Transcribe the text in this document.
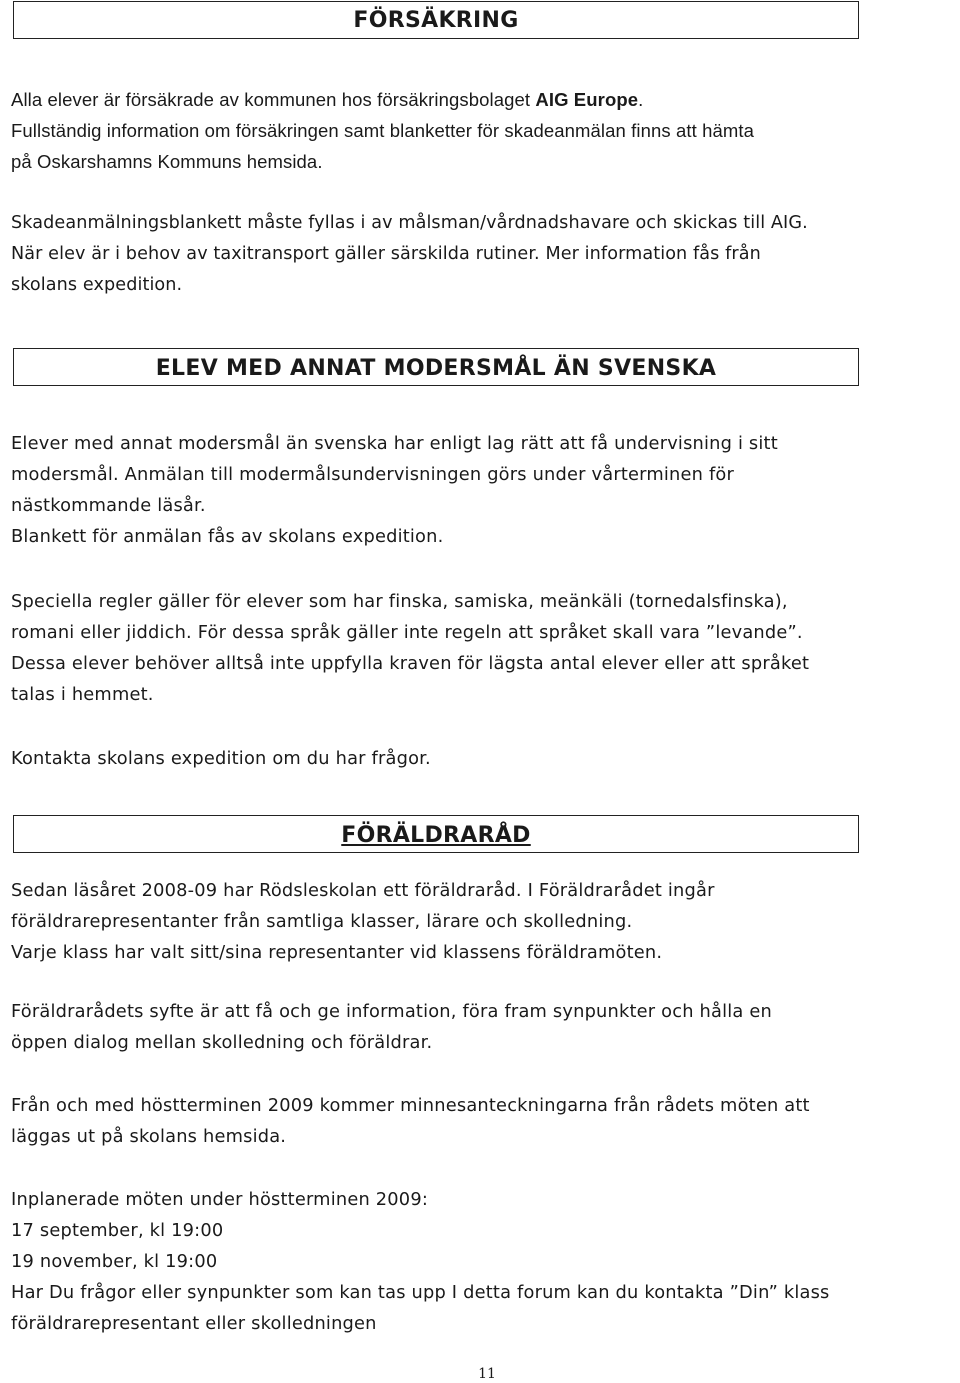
FÖRSÄKRING
Alla elever är försäkrade av kommunen hos försäkringsbolaget AIG Europe.
Fullständig information om försäkringen samt blanketter för skadeanmälan finns att hämta
på Oskarshamns Kommuns hemsida.
Skadeanmälningsblankett måste fyllas i av målsman/vårdnadshavare och skickas till AIG.
När elev är i behov av taxitransport gäller särskilda rutiner. Mer information fås från
skolans expedition.
ELEV MED ANNAT MODERSMÅL ÄN SVENSKA
Elever med annat modersmål än svenska har enligt lag rätt att få undervisning i sitt
modersmål. Anmälan till modermålsundervisningen görs under vårterminen för
nästkommande läsår.
Blankett för anmälan fås av skolans expedition.
Speciella regler gäller för elever som har finska, samiska, meänkäli (tornedalsfinska),
romani eller jiddich. För dessa språk gäller inte regeln att språket skall vara ”levande”.
Dessa elever behöver alltså inte uppfylla kraven för lägsta antal elever eller att språket
talas i hemmet.
Kontakta skolans expedition om du har frågor.
FÖRÄLDRARÅD
Sedan läsåret 2008-09 har Rödsleskolan ett föräldraråd. I Föräldrarådet ingår
föräldrarepresentanter från samtliga klasser, lärare och skolledning.
Varje klass har valt sitt/sina representanter vid klassens föräldramöten.
Föräldrarådets syfte är att få och ge information, föra fram synpunkter och hålla en
öppen dialog mellan skolledning och föräldrar.
Från och med höstterminen 2009 kommer minnesanteckningarna från rådets möten att
läggas ut på skolans hemsida.
Inplanerade möten under höstterminen 2009:
17 september, kl 19:00
19 november, kl 19:00
Har Du frågor eller synpunkter som kan tas upp I detta forum kan du kontakta ”Din” klass
föräldrarepresentant eller skolledningen
11
